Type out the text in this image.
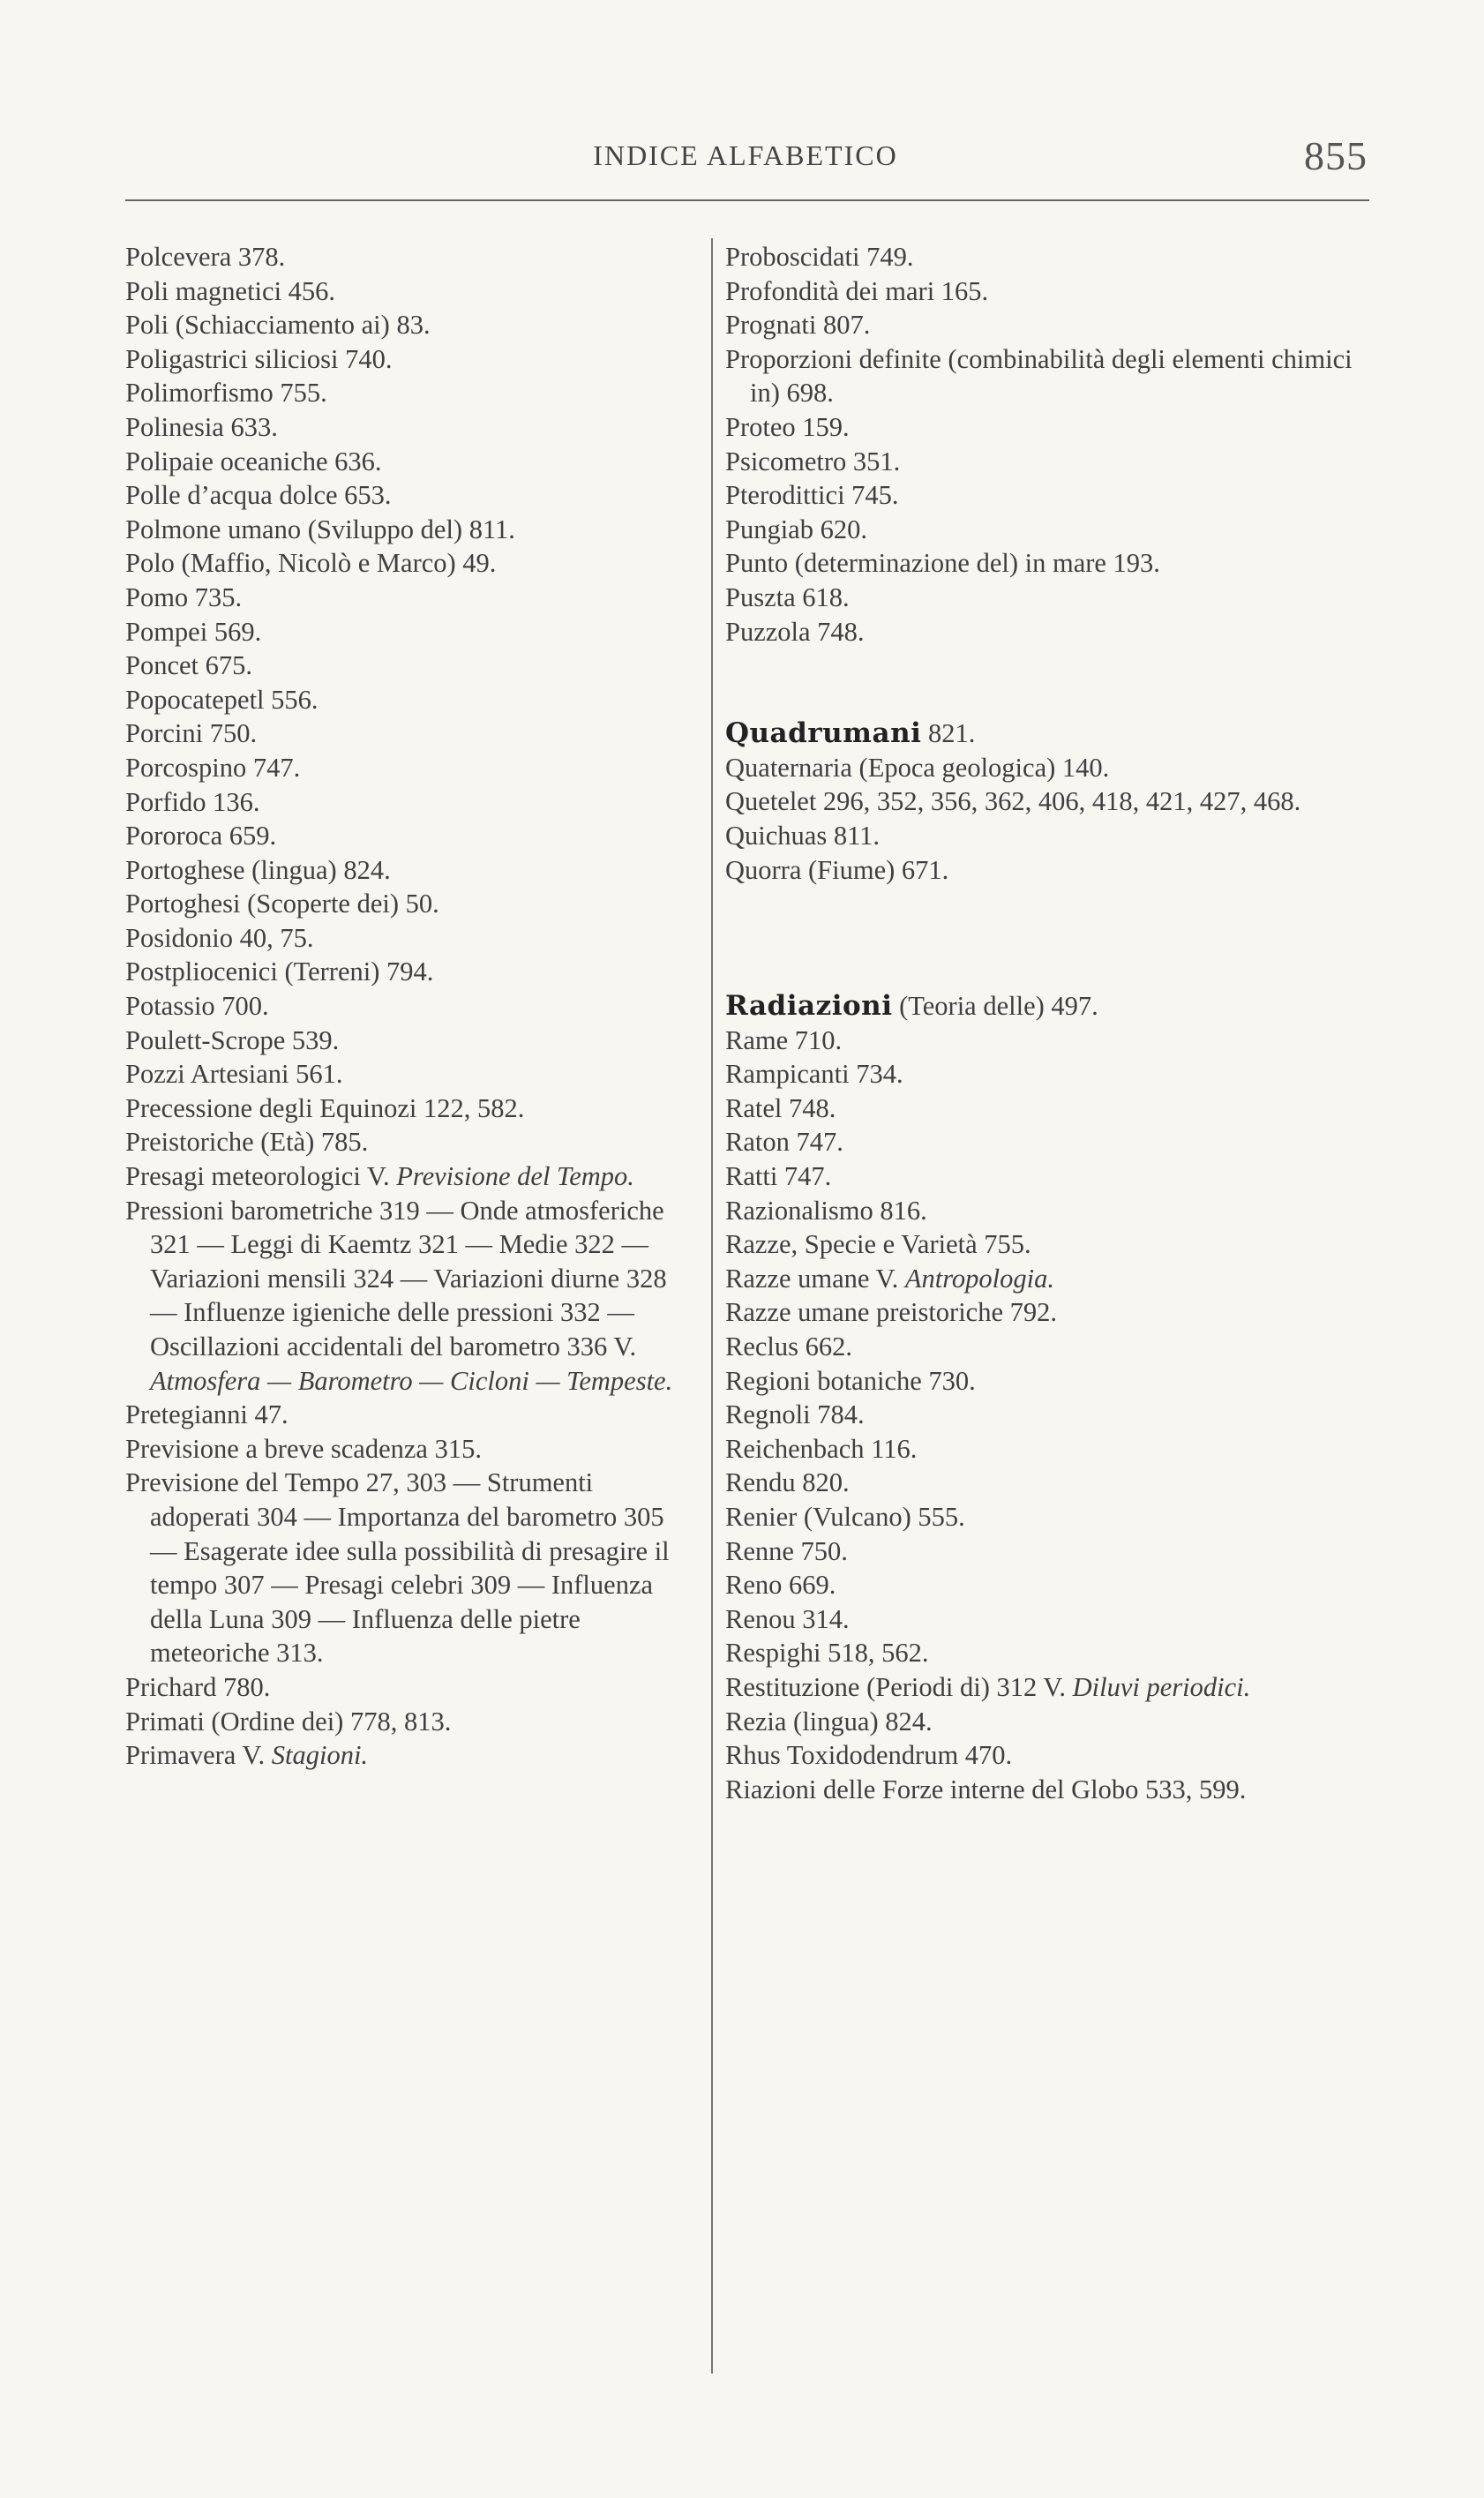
INDICE ALFABETICO	855
Polcevera 378.
Poli magnetici 456.
Poli (Schiacciamento ai) 83.
Poligastrici siliciosi 740.
Polimorfismo 755.
Polinesia 633.
Polipaie oceaniche 636.
Polle d’acqua dolce 653.
Polmone umano (Sviluppo del) 811.
Polo (Maffio, Nicolò e Marco) 49.
Pomo 735.
Pompei 569.
Poncet 675.
Popocatepetl 556.
Porcini 750.
Porcospino 747.
Porfido 136.
Pororoca 659.
Portoghese (lingua) 824.
Portoghesi (Scoperte dei) 50.
Posidonio 40, 75.
Postpliocenici (Terreni) 794.
Potassio 700.
Poulett-Scrope 539.
Pozzi Artesiani 561.
Precessione degli Equinozi 122, 582.
Preistoriche (Età) 785.
Presagi meteorologici V. Previsione del Tempo.
Pressioni barometriche 319 — Onde atmosferiche 321 — Leggi di Kaemtz 321 — Medie 322 — Variazioni mensili 324 — Variazioni diurne 328 — Influenze igieniche delle pressioni 332 — Oscillazioni accidentali del barometro 336 V. Atmosfera — Barometro — Cicloni — Tempeste.
Pretegianni 47.
Previsione a breve scadenza 315.
Previsione del Tempo 27, 303 — Strumenti adoperati 304 — Importanza del barometro 305 — Esagerate idee sulla possibilità di presagire il tempo 307 — Presagi celebri 309 — Influenza della Luna 309 — Influenza delle pietre meteoriche 313.
Prichard 780.
Primati (Ordine dei) 778, 813.
Primavera V. Stagioni.
Proboscidati 749.
Profondità dei mari 165.
Prognati 807.
Proporzioni definite (combinabilità degli elementi chimici in) 698.
Proteo 159.
Psicometro 351.
Pterodittici 745.
Pungiab 620.
Punto (determinazione del) in mare 193.
Puszta 618.
Puzzola 748.
Quadrumani 821.
Quaternaria (Epoca geologica) 140.
Quetelet 296, 352, 356, 362, 406, 418, 421, 427, 468.
Quichuas 811.
Quorra (Fiume) 671.
Radiazioni (Teoria delle) 497.
Rame 710.
Rampicanti 734.
Ratel 748.
Raton 747.
Ratti 747.
Razionalismo 816.
Razze, Specie e Varietà 755.
Razze umane V. Antropologia.
Razze umane preistoriche 792.
Reclus 662.
Regioni botaniche 730.
Regnoli 784.
Reichenbach 116.
Rendu 820.
Renier (Vulcano) 555.
Renne 750.
Reno 669.
Renou 314.
Respighi 518, 562.
Restituzione (Periodi di) 312 V. Diluvi periodici.
Rezia (lingua) 824.
Rhus Toxidodendrum 470.
Riazioni delle Forze interne del Globo 533, 599.
